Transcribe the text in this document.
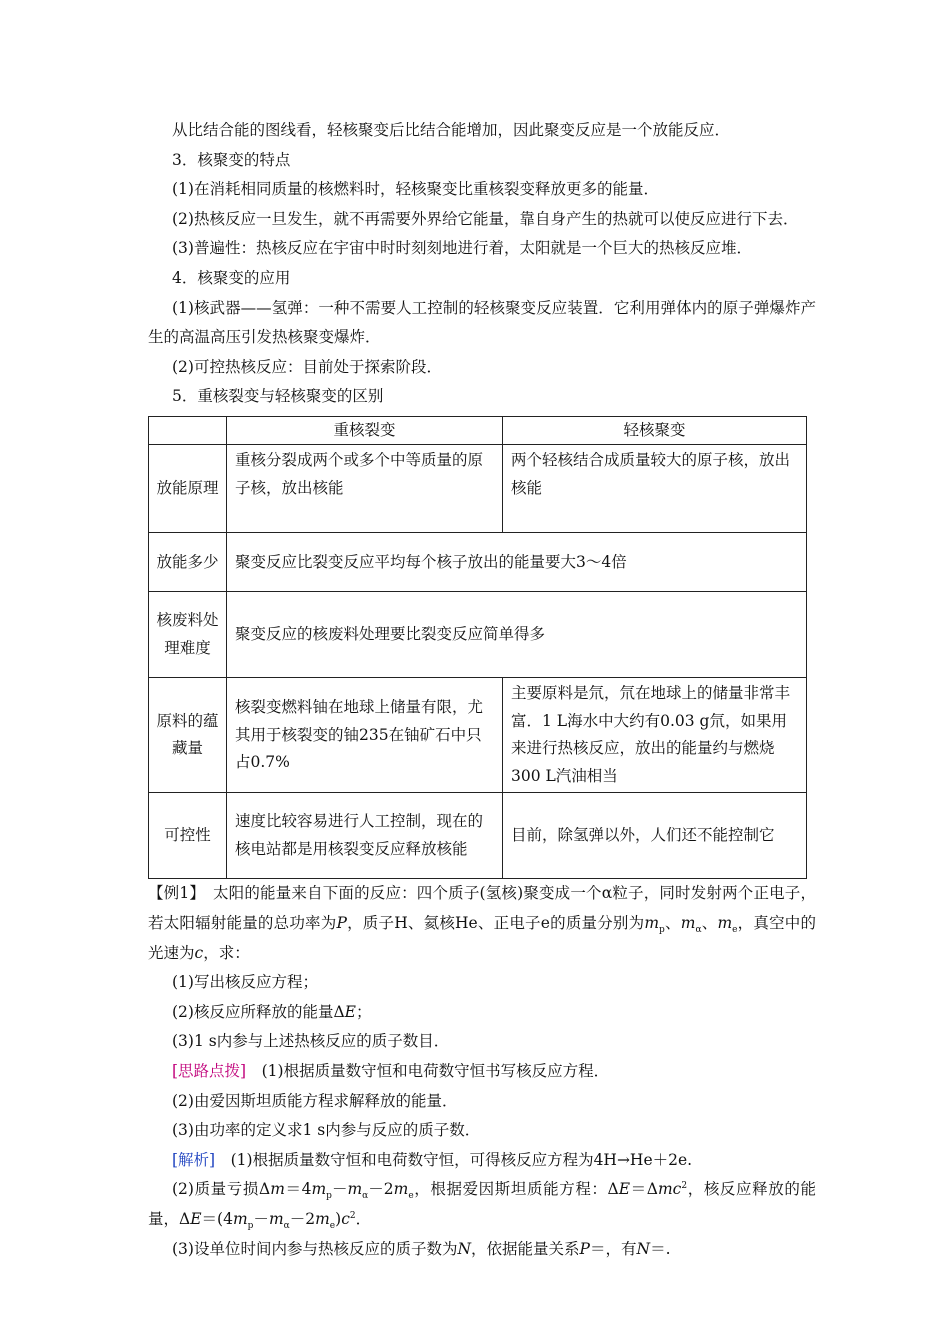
从比结合能的图线看，轻核聚变后比结合能增加，因此聚变反应是一个放能反应．

3．核聚变的特点

(1)在消耗相同质量的核燃料时，轻核聚变比重核裂变释放更多的能量．

(2)热核反应一旦发生，就不再需要外界给它能量，靠自身产生的热就可以使反应进行下去．

(3)普遍性：热核反应在宇宙中时时刻刻地进行着，太阳就是一个巨大的热核反应堆．

4．核聚变的应用

(1)核武器——氢弹：一种不需要人工控制的轻核聚变反应装置．它利用弹体内的原子弹爆炸产生的高温高压引发热核聚变爆炸．

(2)可控热核反应：目前处于探索阶段．

5．重核裂变与轻核聚变的区别

	重核裂变	轻核聚变
放能原理	重核分裂成两个或多个中等质量的原子核，放出核能	两个轻核结合成质量较大的原子核，放出核能
放能多少	聚变反应比裂变反应平均每个核子放出的能量要大3～4倍	
核废料处理难度	聚变反应的核废料处理要比裂变反应简单得多	
原料的蕴藏量	核裂变燃料铀在地球上储量有限，尤其用于核裂变的铀235在铀矿石中只占0.7%	主要原料是氘，氘在地球上的储量非常丰富．1 L海水中大约有0.03 g氘，如果用来进行热核反应，放出的能量约与燃烧300 L汽油相当
可控性	速度比较容易进行人工控制，现在的核电站都是用核裂变反应释放核能	目前，除氢弹以外，人们还不能控制它

【例1】　太阳的能量来自下面的反应：四个质子(氢核)聚变成一个α粒子，同时发射两个正电子，若太阳辐射能量的总功率为P，质子H、氦核He、正电子e的质量分别为$m_p$、$m_\alpha$、$m_e$，真空中的光速为c，求：

(1)写出核反应方程；

(2)核反应所释放的能量ΔE；

(3)1 s内参与上述热核反应的质子数目．

[思路点拨]　(1)根据质量数守恒和电荷数守恒书写核反应方程．

(2)由爱因斯坦质能方程求解释放的能量．

(3)由功率的定义求1 s内参与反应的质子数．

[解析]　(1)根据质量数守恒和电荷数守恒，可得核反应方程为4H→He＋2e.

(2)质量亏损$\Delta m=4m_p-m_\alpha-2m_e$，根据爱因斯坦质能方程：ΔE＝Δmc$^2$，核反应释放的能量，$\Delta E=(4m_p-m_\alpha-2m_e)c^2$．

(3)设单位时间内参与热核反应的质子数为N，依据能量关系P＝，有N＝.
